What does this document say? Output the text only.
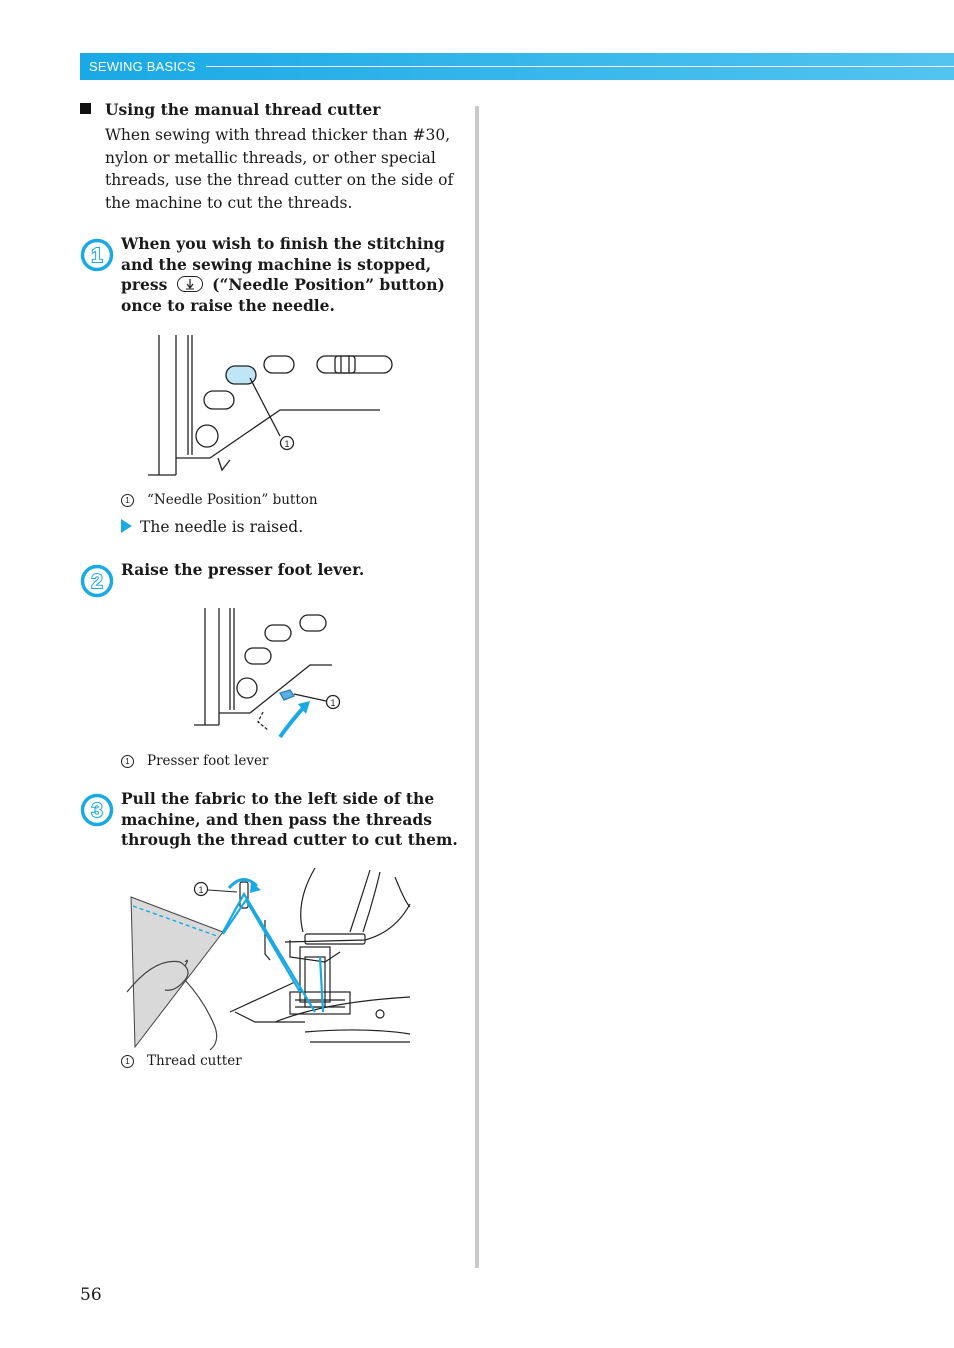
SEWING BASICS
Using the manual thread cutter
When sewing with thread thicker than #30, nylon or metallic threads, or other special threads, use the thread cutter on the side of the machine to cut the threads.
1
When you wish to finish the stitching and the sewing machine is stopped, press	(“Needle Position” button) once to raise the needle.
1
1 “Needle Position” button
The needle is raised.
2
Raise the presser foot lever.
1
1 Presser foot lever
3
Pull the fabric to the left side of the machine, and then pass the threads through the thread cutter to cut them.
1
1 Thread cutter
56
